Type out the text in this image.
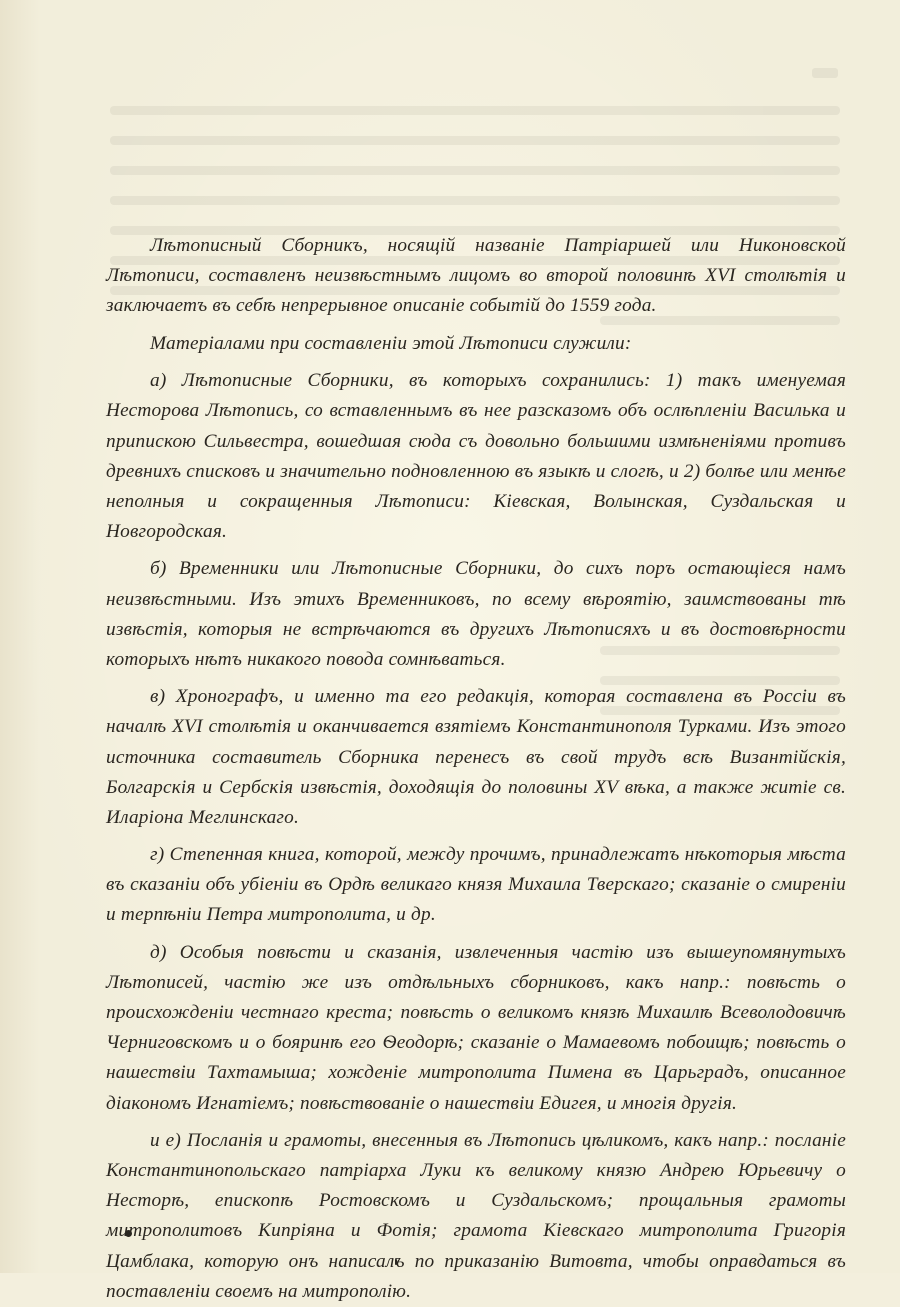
Лѣтописный Сборникъ, носящій названіе Патріаршей или Никоновской Лѣтописи, составленъ неизвѣстнымъ лицомъ во второй половинѣ XVI столѣтія и заключаетъ въ себѣ непрерывное описаніе событій до 1559 года.

Матеріалами при составленіи этой Лѣтописи служили:

а) Лѣтописные Сборники, въ которыхъ сохранились: 1) такъ именуемая Несторова Лѣтопись, со вставленнымъ въ нее разсказомъ объ ослѣпленіи Василька и припискою Сильвестра, вошедшая сюда съ довольно большими измѣненіями противъ древнихъ списковъ и значительно подновленною въ языкѣ и слогѣ, и 2) болѣе или менѣе неполныя и сокращенныя Лѣтописи: Кіевская, Волынская, Суздальская и Новгородская.

б) Временники или Лѣтописные Сборники, до сихъ поръ остающіеся намъ неизвѣстными. Изъ этихъ Временниковъ, по всему вѣроятію, заимствованы тѣ извѣстія, которыя не встрѣчаются въ другихъ Лѣтописяхъ и въ достовѣрности которыхъ нѣтъ никакого повода сомнѣваться.

в) Хронографъ, и именно та его редакція, которая составлена въ Россіи въ началѣ XVI столѣтія и оканчивается взятіемъ Константинополя Турками. Изъ этого источника составитель Сборника перенесъ въ свой трудъ всѣ Византійскія, Болгарскія и Сербскія извѣстія, доходящія до половины XV вѣка, а также житіе св. Иларіона Меглинскаго.

г) Степенная книга, которой, между прочимъ, принадлежатъ нѣкоторыя мѣста въ сказаніи объ убіеніи въ Ордѣ великаго князя Михаила Тверскаго; сказаніе о смиреніи и терпѣніи Петра митрополита, и др.

д) Особыя повѣсти и сказанія, извлеченныя частію изъ вышеупомянутыхъ Лѣтописей, частію же изъ отдѣльныхъ сборниковъ, какъ напр.: повѣсть о происхожденіи честнаго креста; повѣсть о великомъ князѣ Михаилѣ Всеволодовичѣ Черниговскомъ и о бояринѣ его Ѳеодорѣ; сказаніе о Мамаевомъ побоищѣ; повѣсть о нашествіи Тахтамыша; хожденіе митрополита Пимена въ Царьградъ, описанное діакономъ Игнатіемъ; повѣствованіе о нашествіи Едигея, и многія другія.

и е) Посланія и грамоты, внесенныя въ Лѣтопись цѣликомъ, какъ напр.: посланіе Константинопольскаго патріарха Луки къ великому князю Андрею Юрьевичу о Несторѣ, епископѣ Ростовскомъ и Суздальскомъ; прощальныя грамоты митрополитовъ Кипріяна и Фотія; грамота Кіевскаго митрополита Григорія Цамблака, которую онъ написалъ по приказанію Витовта, чтобы оправдаться въ поставленіи своемъ на митрополію.
